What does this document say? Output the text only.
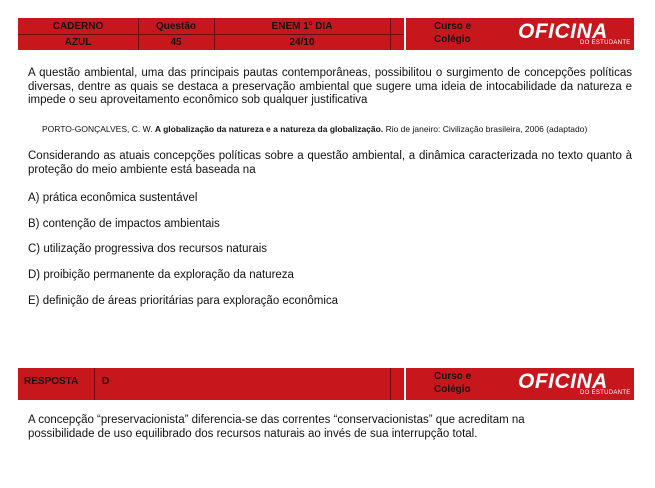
CADERNO
AZUL
Questão
45
ENEM 1º DIA
24/10
Curso e
Colégio OFICINA
DO ESTUDANTE

A questão ambiental, uma das principais pautas contemporâneas, possibilitou o surgimento de concepções políticas diversas, dentre as quais se destaca a preservação ambiental que sugere uma ideia de intocabilidade da natureza e impede o seu aproveitamento econômico sob qualquer justificativa

PORTO-GONÇALVES, C. W. A globalização da natureza e a natureza da globalização. Rio de janeiro: Civilização brasileira, 2006 (adaptado)

Considerando as atuais concepções políticas sobre a questão ambiental, a dinâmica caracterizada no texto quanto à proteção do meio ambiente está baseada na

A) prática econômica sustentável
B) contenção de impactos ambientais
C) utilização progressiva dos recursos naturais
D) proibição permanente da exploração da natureza
E) definição de áreas prioritárias para exploração econômica
RESPOSTA D	Curso e
Colégio OFICINA
DO ESTUDANTE

A concepção “preservacionista” diferencia-se das correntes “conservacionistas” que acreditam na possibilidade de uso equilibrado dos recursos naturais ao invés de sua interrupção total.
